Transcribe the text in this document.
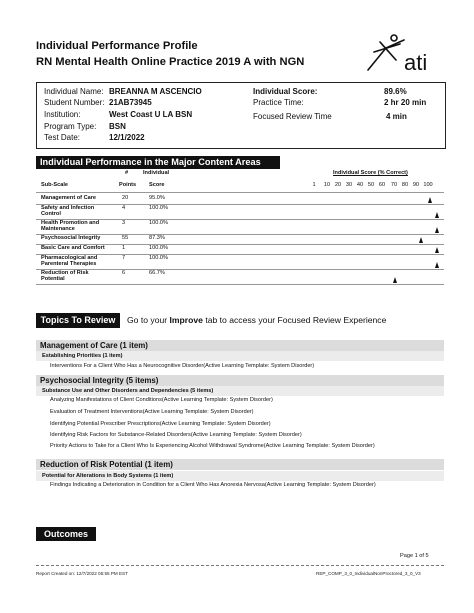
Individual Performance Profile
RN Mental Health Online Practice 2019 A with NGN	ati
Individual Name: BREANNA M ASCENCIO
Student Number: 21AB73945
Institution:	West Coast U LA BSN
Program Type: BSN
Test Date:	12/1/2022
Individual Score:	89.6%
Practice Time:	2 hr 20 min
Focused Review Time	4 min
Individual Performance in the Major Content Areas
#	Individual
Sub-Scale	Points Score
Individual Score (% Correct)
1	10 20 30 40 50 60	70 80 90 100
Management of Care	20	95.0%
Safety and Infection Control
4	100.0%
Health Promotion and Maintenance
3	100.0%
Psychosocial Integrity	55	87.3%
Basic Care and Comfort	1	100.0%
Pharmacological and Parenteral Therapies
7	100.0%
Reduction of Risk Potential
6	66.7%
Topics To Review	Go to your Improve tab to access your Focused Review Experience
Management of Care (1 item)
Establishing Priorities (1 item)
Interventions For a Client Who Has a Neurocognitive Disorder(Active Learning Template: System Disorder)
Psychosocial Integrity (5 items)
Substance Use and Other Disorders and Dependencies (5 items)
Analyzing Manifestations of Client Conditions(Active Learning Template: System Disorder)
Evaluation of Treatment Interventions(Active Learning Template: System Disorder)
Identifying Potential Prescriber Prescriptions(Active Learning Template: System Disorder)
Identifying Risk Factors for Substance-Related Disorders(Active Learning Template: System Disorder)
Priority Actions to Take for a Client Who Is Experiencing Alcohol Withdrawal Syndrome(Active Learning Template: System Disorder)
Reduction of Risk Potential (1 item)
Potential for Alterations in Body Systems (1 item)
Findings Indicating a Deterioration in Condition for a Client Who Has Anorexia Nervosa(Active Learning Template: System Disorder)
Outcomes
Page 1 of 5
Report Created on: 12/7/2022 05:55 PM EST	REP_COMP_3_0_IndividualNonProctored_3_0_V3
